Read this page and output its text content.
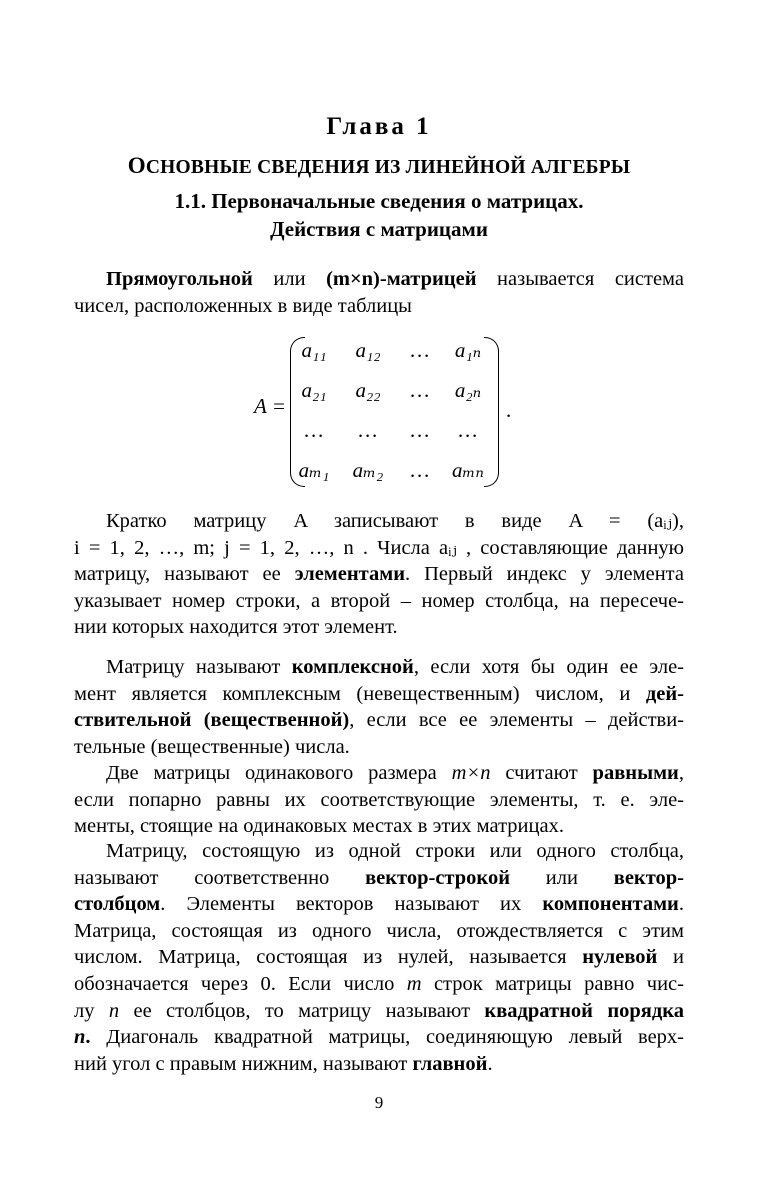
Глава 1
ОСНОВНЫЕ СВЕДЕНИЯ ИЗ ЛИНЕЙНОЙ АЛГЕБРЫ
1.1. Первоначальные сведения о матрицах.
Действия с матрицами
Прямоугольной или (m×n)-матрицей называется система
чисел, расположенных в виде таблицы
A =
a₁₁	a₁₂	…	a₁ₙ
a₂₁	a₂₂	…	a₂ₙ
…	…	…	…
aₘ₁	aₘ₂	…	aₘₙ
.
Кратко матрицу A записывают в виде A = (aᵢⱼ),
i = 1, 2, …, m; j = 1, 2, …, n . Числа aᵢⱼ , составляющие данную
матрицу, называют ее элементами. Первый индекс у элемента
указывает номер строки, а второй – номер столбца, на пересече-
нии которых находится этот элемент.
Матрицу называют комплексной, если хотя бы один ее эле-
мент является комплексным (невещественным) числом, и дей-
ствительной (вещественной), если все ее элементы – действи-
тельные (вещественные) числа.
Две матрицы одинакового размера m×n считают равными,
если попарно равны их соответствующие элементы, т. е. эле-
менты, стоящие на одинаковых местах в этих матрицах.
Матрицу, состоящую из одной строки или одного столбца,
называют соответственно вектор-строкой или вектор-
столбцом. Элементы векторов называют их компонентами.
Матрица, состоящая из одного числа, отождествляется с этим
числом. Матрица, состоящая из нулей, называется нулевой и
обозначается через 0. Если число m строк матрицы равно чис-
лу n ее столбцов, то матрицу называют квадратной порядка
n. Диагональ квадратной матрицы, соединяющую левый верх-
ний угол с правым нижним, называют главной.
9
